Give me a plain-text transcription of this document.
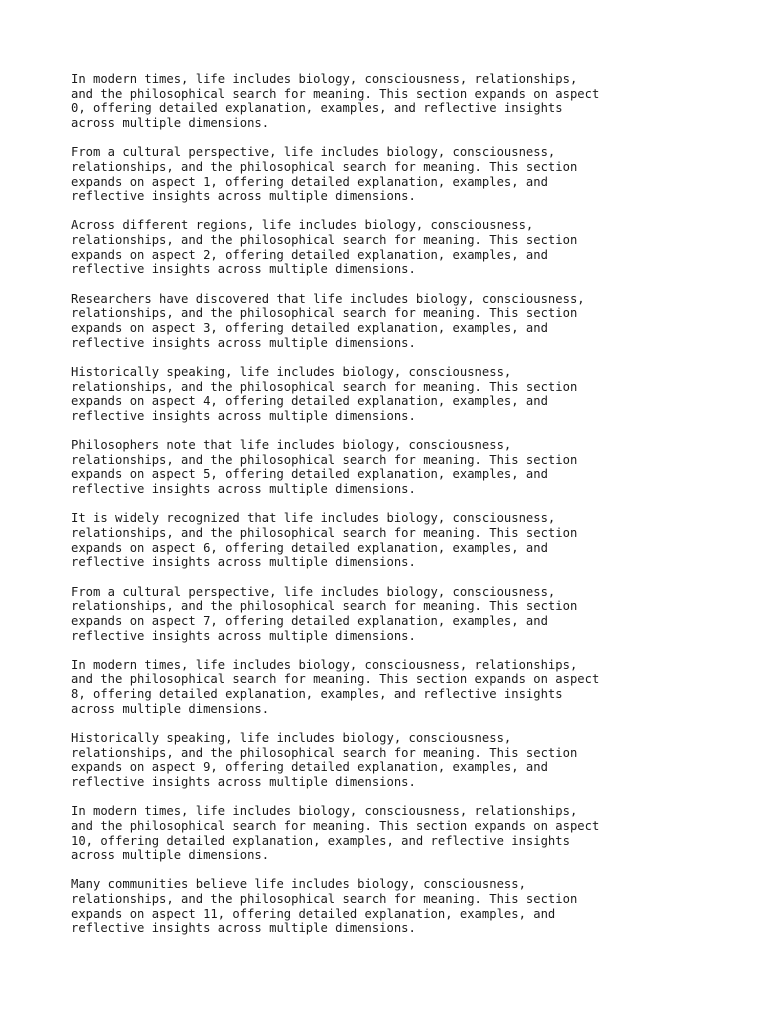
In modern times, life includes biology, consciousness, relationships,
and the philosophical search for meaning. This section expands on aspect
0, offering detailed explanation, examples, and reflective insights
across multiple dimensions.
From a cultural perspective, life includes biology, consciousness,
relationships, and the philosophical search for meaning. This section
expands on aspect 1, offering detailed explanation, examples, and
reflective insights across multiple dimensions.
Across different regions, life includes biology, consciousness,
relationships, and the philosophical search for meaning. This section
expands on aspect 2, offering detailed explanation, examples, and
reflective insights across multiple dimensions.
Researchers have discovered that life includes biology, consciousness,
relationships, and the philosophical search for meaning. This section
expands on aspect 3, offering detailed explanation, examples, and
reflective insights across multiple dimensions.
Historically speaking, life includes biology, consciousness,
relationships, and the philosophical search for meaning. This section
expands on aspect 4, offering detailed explanation, examples, and
reflective insights across multiple dimensions.
Philosophers note that life includes biology, consciousness,
relationships, and the philosophical search for meaning. This section
expands on aspect 5, offering detailed explanation, examples, and
reflective insights across multiple dimensions.
It is widely recognized that life includes biology, consciousness,
relationships, and the philosophical search for meaning. This section
expands on aspect 6, offering detailed explanation, examples, and
reflective insights across multiple dimensions.
From a cultural perspective, life includes biology, consciousness,
relationships, and the philosophical search for meaning. This section
expands on aspect 7, offering detailed explanation, examples, and
reflective insights across multiple dimensions.
In modern times, life includes biology, consciousness, relationships,
and the philosophical search for meaning. This section expands on aspect
8, offering detailed explanation, examples, and reflective insights
across multiple dimensions.
Historically speaking, life includes biology, consciousness,
relationships, and the philosophical search for meaning. This section
expands on aspect 9, offering detailed explanation, examples, and
reflective insights across multiple dimensions.
In modern times, life includes biology, consciousness, relationships,
and the philosophical search for meaning. This section expands on aspect
10, offering detailed explanation, examples, and reflective insights
across multiple dimensions.
Many communities believe life includes biology, consciousness,
relationships, and the philosophical search for meaning. This section
expands on aspect 11, offering detailed explanation, examples, and
reflective insights across multiple dimensions.
